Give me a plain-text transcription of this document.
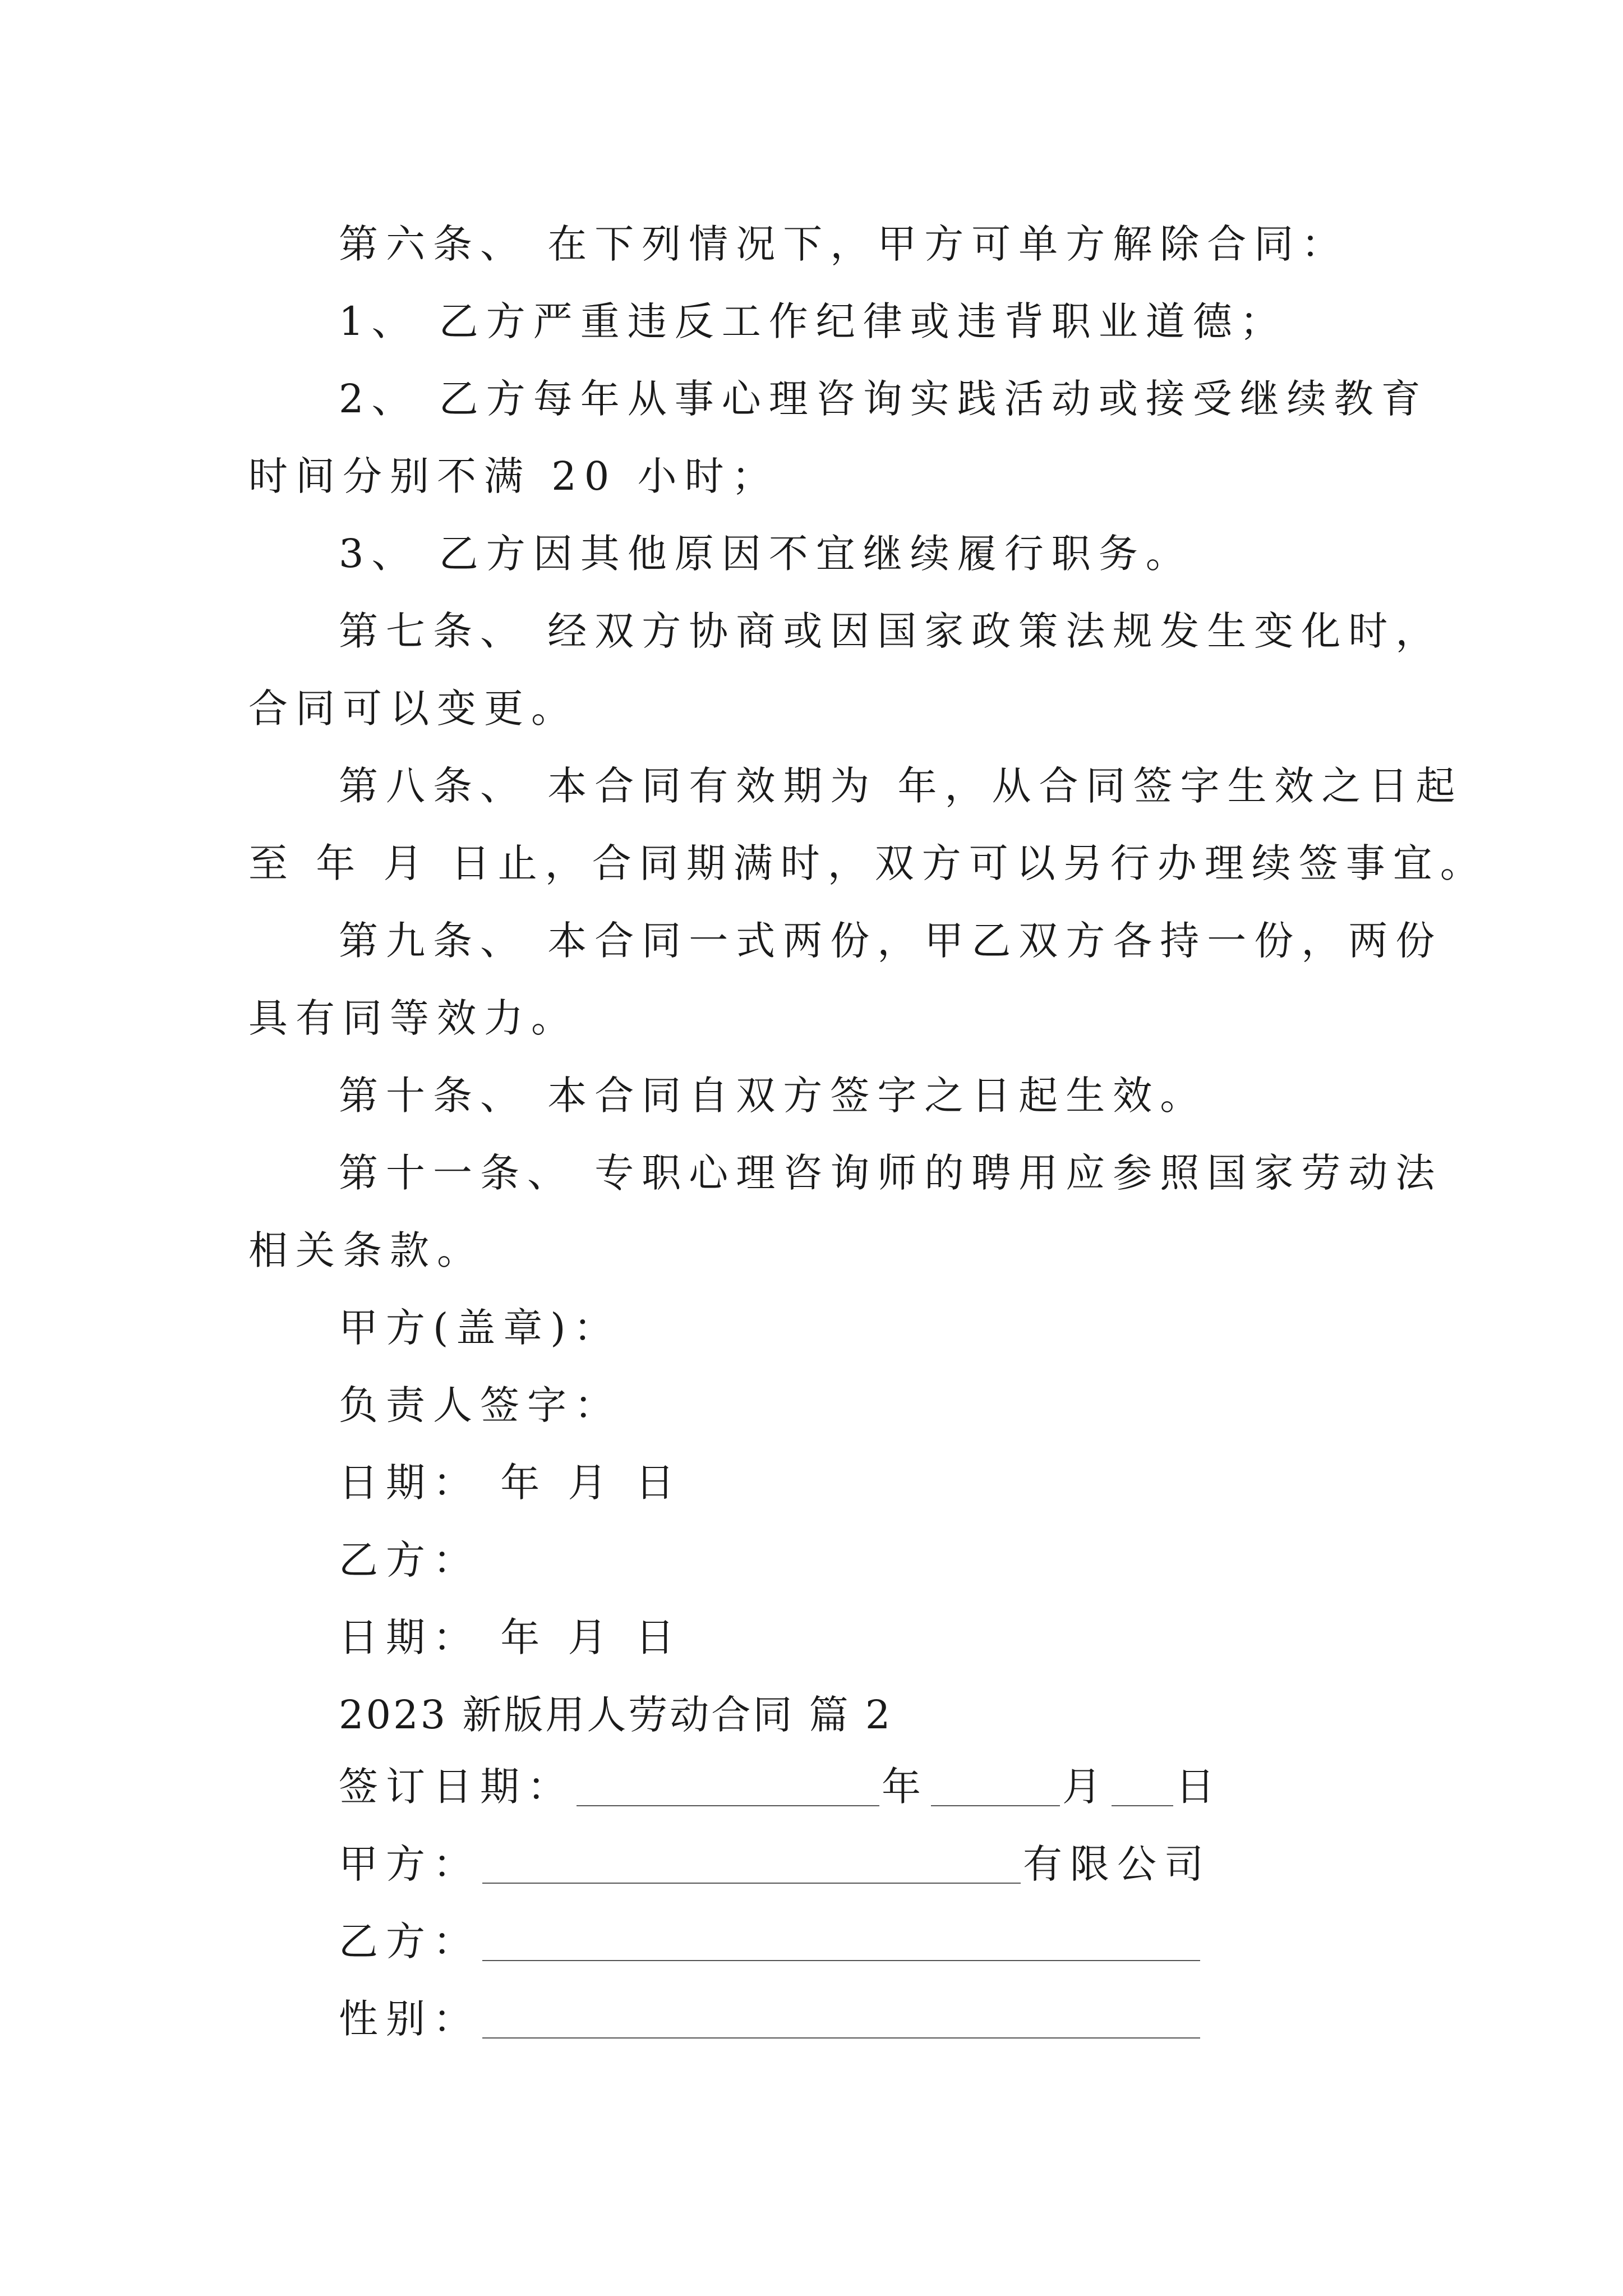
第六条、 在下列情况下，甲方可单方解除合同：
1、 乙方严重违反工作纪律或违背职业道德；
2、 乙方每年从事心理咨询实践活动或接受继续教育
时间分别不满 20 小时；
3、 乙方因其他原因不宜继续履行职务。
第七条、 经双方协商或因国家政策法规发生变化时，
合同可以变更。
第八条、 本合同有效期为 年，从合同签字生效之日起
至 年 月 日止，合同期满时，双方可以另行办理续签事宜。
第九条、 本合同一式两份，甲乙双方各持一份，两份
具有同等效力。
第十条、 本合同自双方签字之日起生效。
第十一条、 专职心理咨询师的聘用应参照国家劳动法
相关条款。
甲方(盖章)：
负责人签字：
日期： 年 月 日
乙方：
日期： 年 月 日
2023 新版用人劳动合同 篇 2
签订日期：	年	月 日
甲方：	有限公司
乙方：
性别：
